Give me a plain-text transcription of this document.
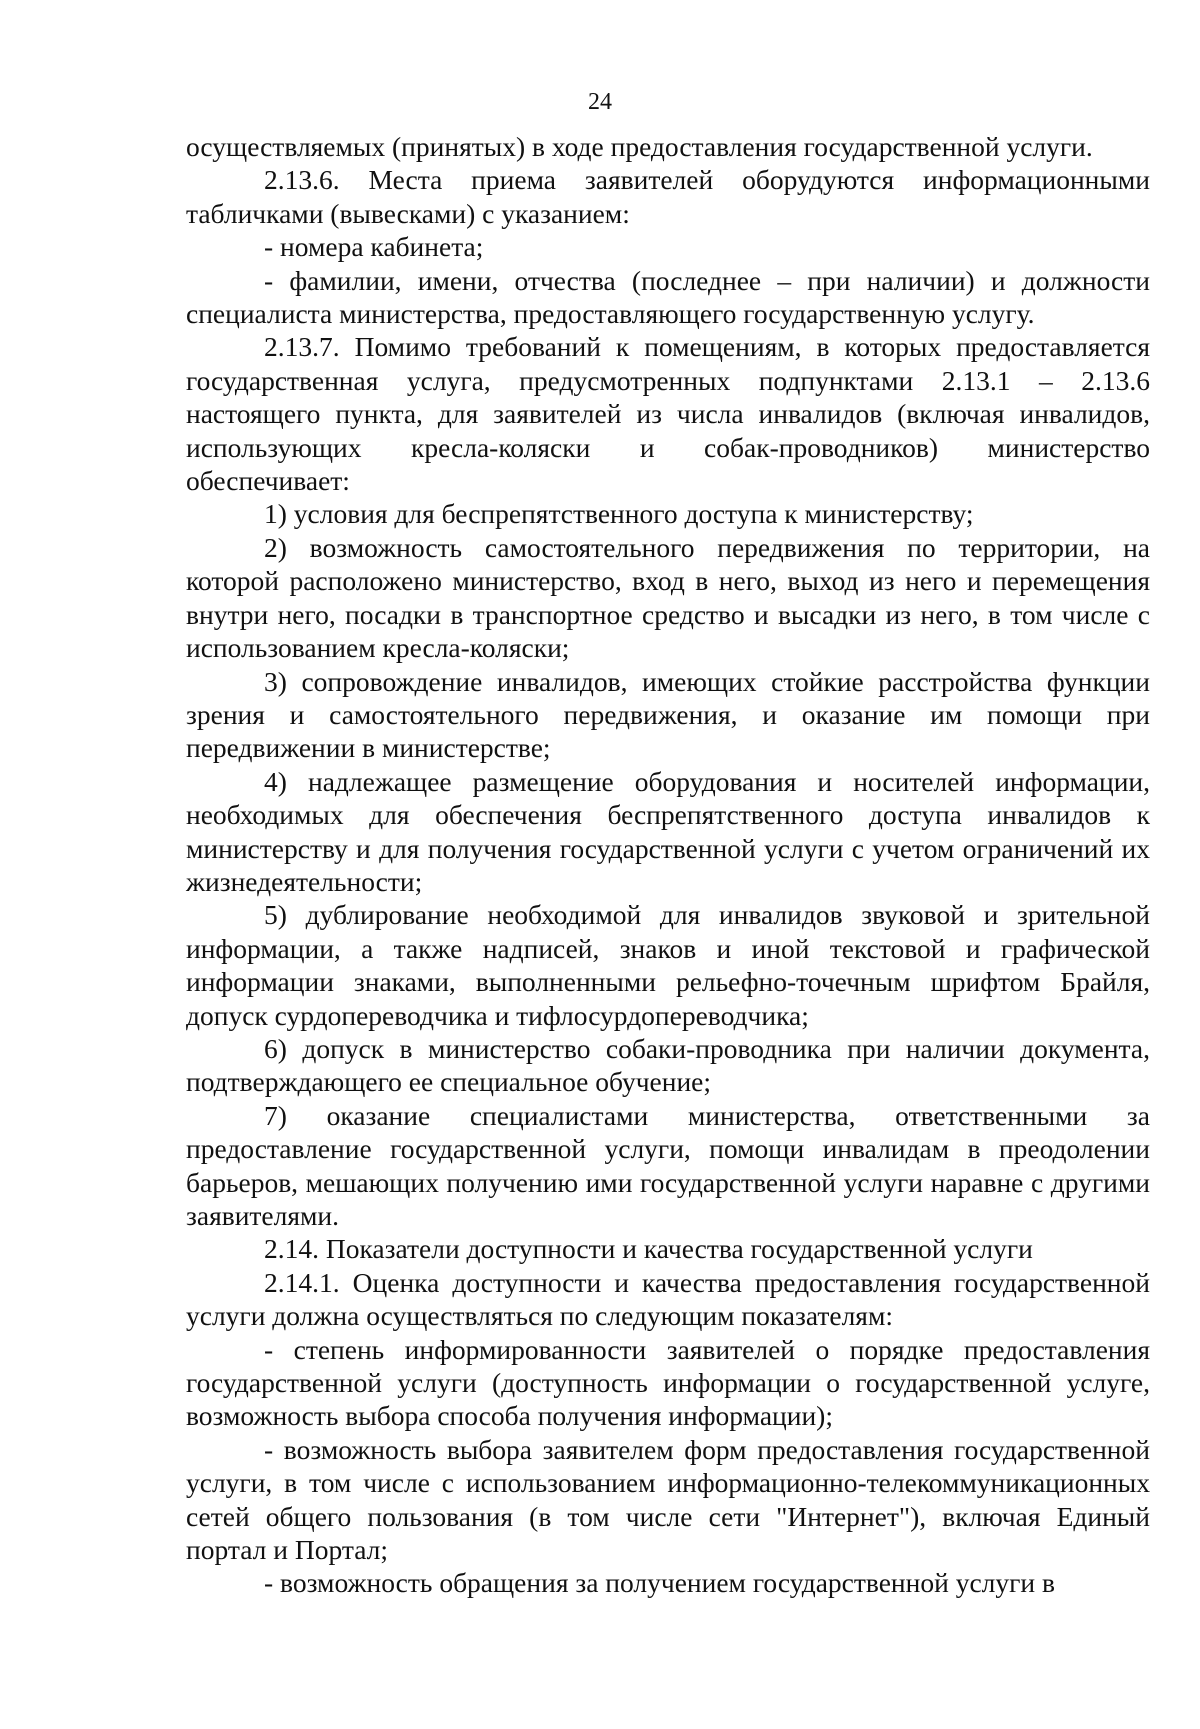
24

осуществляемых (принятых) в ходе предоставления государственной услуги.

2.13.6. Места приема заявителей оборудуются информационными табличками (вывесками) с указанием:

- номера кабинета;

- фамилии, имени, отчества (последнее – при наличии) и должности специалиста министерства, предоставляющего государственную услугу.

2.13.7. Помимо требований к помещениям, в которых предоставляется государственная услуга, предусмотренных подпунктами 2.13.1 – 2.13.6 настоящего пункта, для заявителей из числа инвалидов (включая инвалидов, использующих кресла-коляски и собак-проводников) министерство обеспечивает:

1) условия для беспрепятственного доступа к министерству;

2) возможность самостоятельного передвижения по территории, на которой расположено министерство, вход в него, выход из него и перемещения внутри него, посадки в транспортное средство и высадки из него, в том числе с использованием кресла-коляски;

3) сопровождение инвалидов, имеющих стойкие расстройства функции зрения и самостоятельного передвижения, и оказание им помощи при передвижении в министерстве;

4) надлежащее размещение оборудования и носителей информации, необходимых для обеспечения беспрепятственного доступа инвалидов к министерству и для получения государственной услуги с учетом ограничений их жизнедеятельности;

5) дублирование необходимой для инвалидов звуковой и зрительной информации, а также надписей, знаков и иной текстовой и графической информации знаками, выполненными рельефно-точечным шрифтом Брайля, допуск сурдопереводчика и тифлосурдопереводчика;

6) допуск в министерство собаки-проводника при наличии документа, подтверждающего ее специальное обучение;

7) оказание специалистами министерства, ответственными за предоставление государственной услуги, помощи инвалидам в преодолении барьеров, мешающих получению ими государственной услуги наравне с другими заявителями.

2.14. Показатели доступности и качества государственной услуги

2.14.1. Оценка доступности и качества предоставления государственной услуги должна осуществляться по следующим показателям:

- степень информированности заявителей о порядке предоставления государственной услуги (доступность информации о государственной услуге, возможность выбора способа получения информации);

- возможность выбора заявителем форм предоставления государственной услуги, в том числе с использованием информационно-телекоммуникационных сетей общего пользования (в том числе сети "Интернет"), включая Единый портал и Портал;

- возможность обращения за получением государственной услуги в
